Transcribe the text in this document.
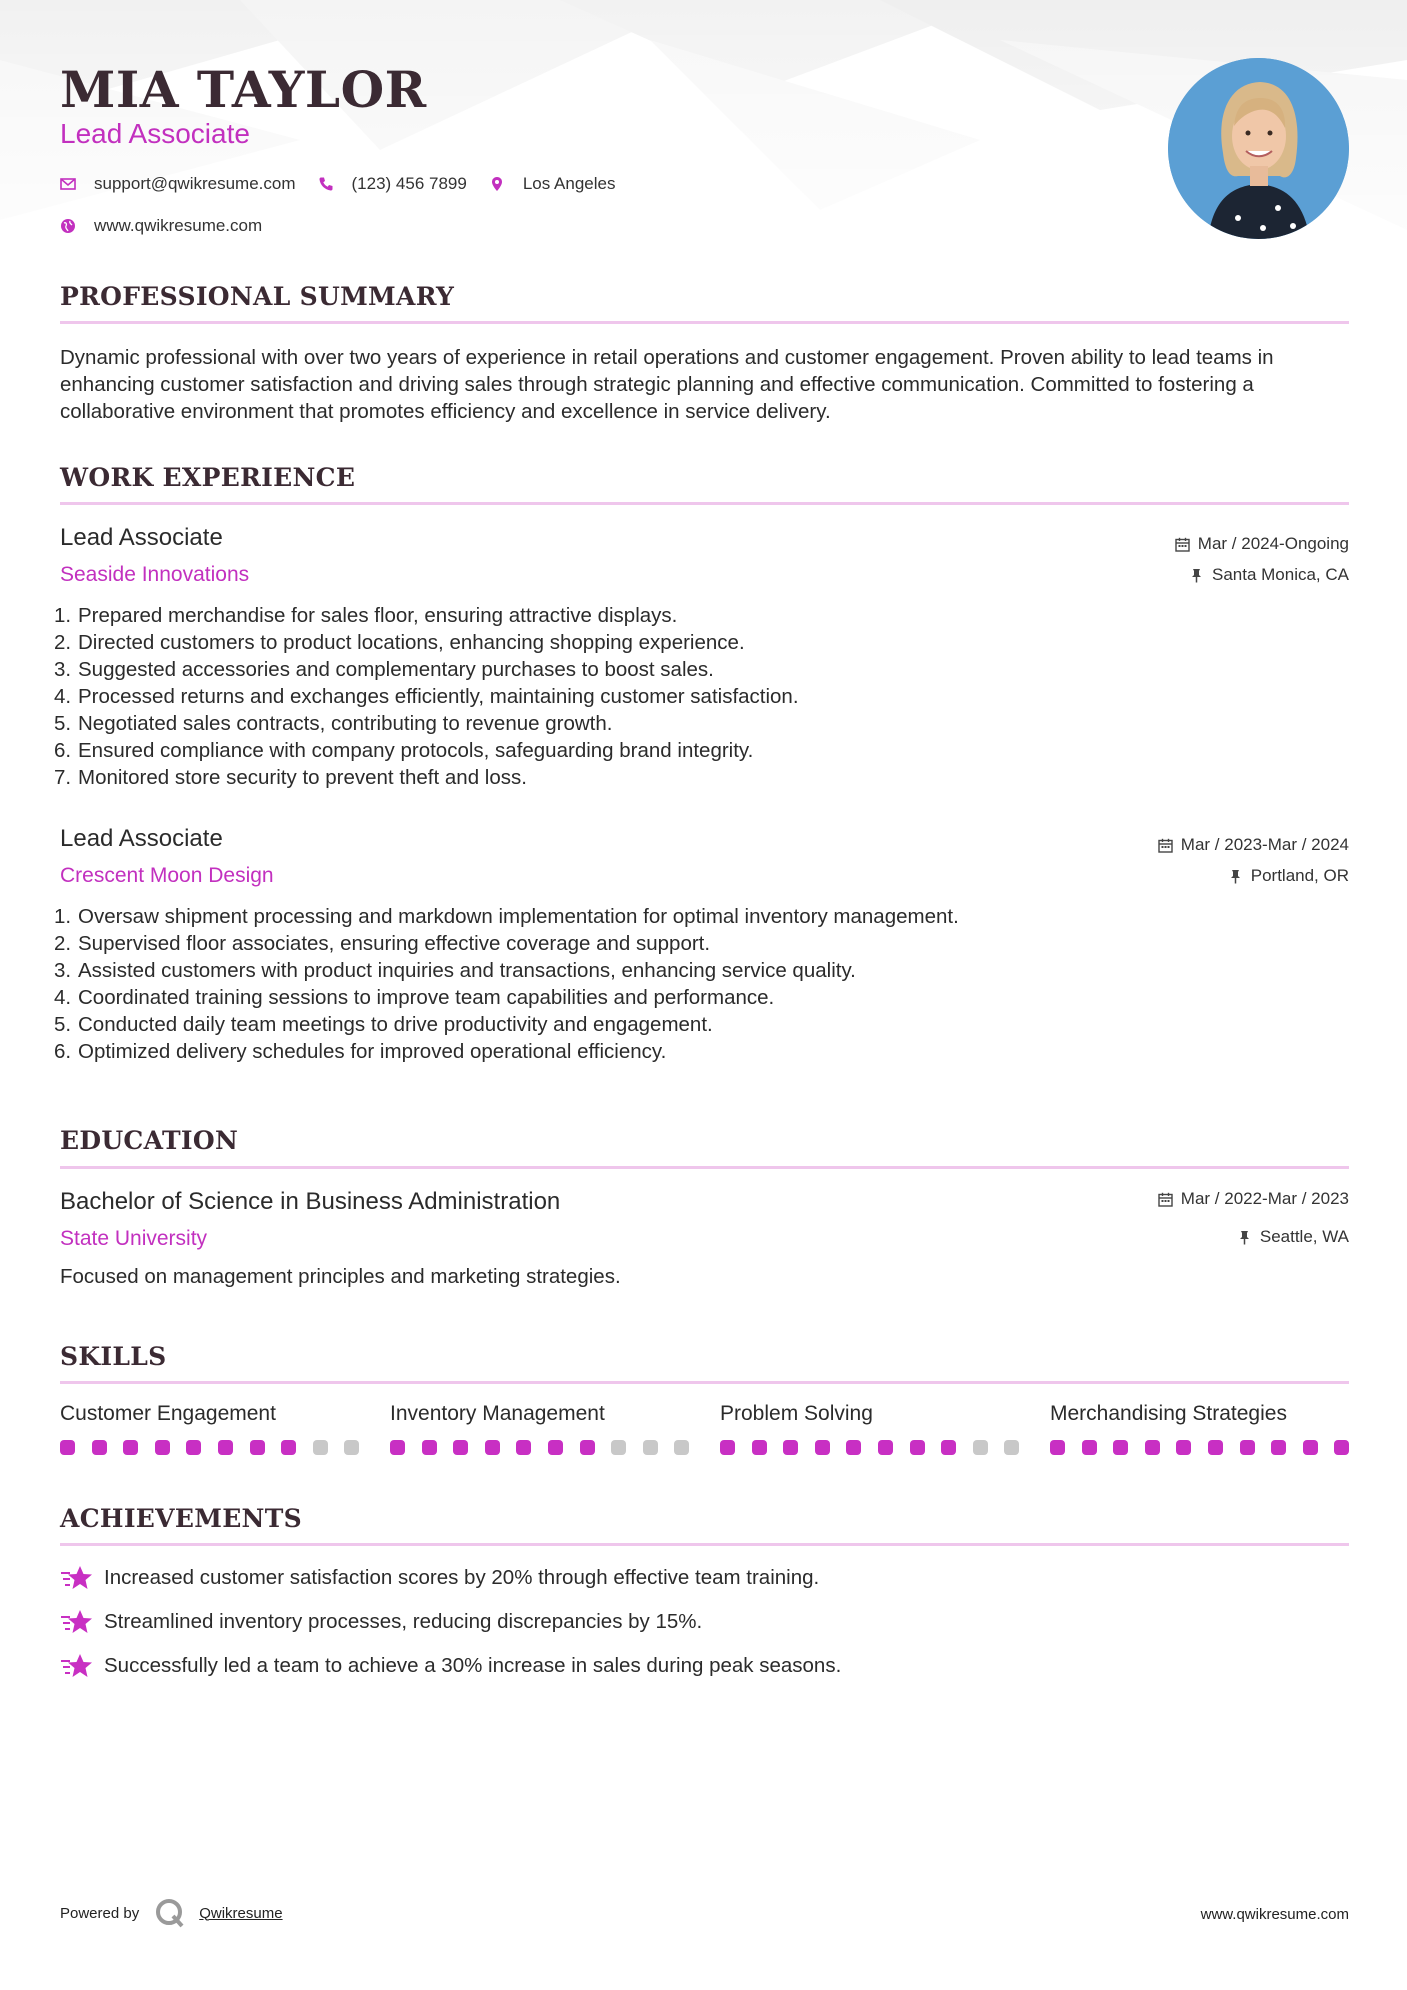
MIA TAYLOR
Lead Associate
support@qwikresume.com	(123) 456 7899	Los Angeles
www.qwikresume.com
PROFESSIONAL SUMMARY
Dynamic professional with over two years of experience in retail operations and customer engagement. Proven ability to lead teams in enhancing customer satisfaction and driving sales through strategic planning and effective communication. Committed to fostering a collaborative environment that promotes efficiency and excellence in service delivery.
WORK EXPERIENCE
Lead Associate
Seaside Innovations
Mar / 2024-Ongoing
Santa Monica, CA
1. Prepared merchandise for sales floor, ensuring attractive displays.
2. Directed customers to product locations, enhancing shopping experience.
3. Suggested accessories and complementary purchases to boost sales.
4. Processed returns and exchanges efficiently, maintaining customer satisfaction.
5. Negotiated sales contracts, contributing to revenue growth.
6. Ensured compliance with company protocols, safeguarding brand integrity.
7. Monitored store security to prevent theft and loss.
Lead Associate
Crescent Moon Design
Mar / 2023-Mar / 2024
Portland, OR
1. Oversaw shipment processing and markdown implementation for optimal inventory management.
2. Supervised floor associates, ensuring effective coverage and support.
3. Assisted customers with product inquiries and transactions, enhancing service quality.
4. Coordinated training sessions to improve team capabilities and performance.
5. Conducted daily team meetings to drive productivity and engagement.
6. Optimized delivery schedules for improved operational efficiency.
EDUCATION
Bachelor of Science in Business Administration
State University
Mar / 2022-Mar / 2023
Seattle, WA
Focused on management principles and marketing strategies.
SKILLS
Customer Engagement	Inventory Management	Problem Solving	Merchandising Strategies
ACHIEVEMENTS
Increased customer satisfaction scores by 20% through effective team training.
Streamlined inventory processes, reducing discrepancies by 15%.
Successfully led a team to achieve a 30% increase in sales during peak seasons.
Powered by	Qwikresume	www.qwikresume.com
